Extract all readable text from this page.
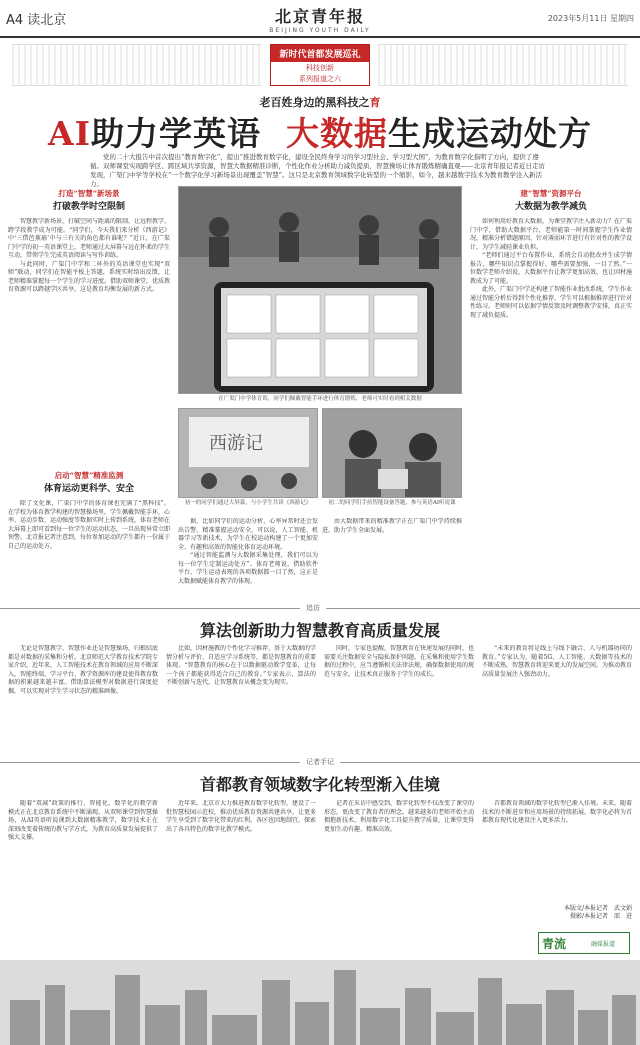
A4 读北京	北京青年报
BEIJING YOUTH DAILY
2023年5月11日 星期四
新时代首都发展巡礼
科技创新
系列报道之六
老百姓身边的黑科技之育
AI助力学英语 大数据生成运动处方
党的二十大报告中首次提出“教育数字化”，提出“推进教育数字化，建设全民终身学习的学习型社会、学习型大国”，为教育数字化指明了方向，提供了遵循。双师课堂实现跨学区、跨区域共享资源，智慧大数据精准诊断，个性化作业分析助力减负提质，智慧操场让体育锻炼精确直观——北京青年报记者近日走访发现，广渠门中学等学校在“一个数字化学习新场景出现覆盖”智慧”。这只是北京教育领域数字化转型的一个缩影，如今，越来越数字技术为教育教学注入新活力。
打造“智慧”新场景
打破教学时空限制

智慧教学新场景，打破空间与距离的限制，让远程教学、跨学段教学成为可能。“同学们，今天我们来分析《西游记》中‘三借芭蕉扇’中与三有关的角色都有谁呢？”近日，在广渠门中学的初一英语课堂上，老师通过大屏幕与远在怀柔的学生互动，带领学生完成英语阅读与写作训练。

与此同时，广渠门中学和二环外的英语课堂也实现“双师”联动，同学们在智能平板上答题，系统实时给出反馈，让老师精准掌握每一个学生的学习进度。借助双师课堂，优质教育资源可以跨越学区共享，这是教育均衡发展的新方式。

启动“智慧”精准监测
体育运动更科学、安全

除了文化课，广渠门中学的体育课也充满了“黑科技”。在学校为体育教学构建的智慧操场里，学生佩戴智能手环，心率、运动步数、运动强度等数据实时上传到系统，体育老师在大屏幕上即可看到每一位学生的运动状态，一旦出现异常立即预警。北青报记者注意到，每位参加运动的学生都有一份属于自己的运动处方。

在广渠门中学体育馆，同学们佩戴智能手环进行体育锻炼，老师可实时看到相关数据
西游记
初一的同学们通过大屏幕，与小学生共读《西游记》	初二的同学们手持智能设备答题，参与英语AI听说课

据，比如同学们的运动分析、心率异常时还会发出告警，精准掌握运动安全，可以说，人工智能、机器学习等新技术，为学生在校运动构建了一个更加安全、有趣和高效的智能化体育运动环境。

“通过智能监测与大数据采集处理，我们可以为每一位学生定制运动处方”。体育老师说，借助软件平台，学生运动表现的各项数据都一目了然，这正是大数据赋能体育教学的体现。

由大数据带来的精准教学正在广渠门中学持续推进，助力学生全面发展。

建“智慧”资源平台
大数据为教学减负

如何利用好教育大数据，为课堂教学注入新动力？在广渠门中学，借助大数据平台，老师能第一时间掌握学生作业情况，精准分析错题原因，针对薄弱环节进行有针对性的教学设计，为学生减轻课业负担。

“老师们通过平台布置作业，系统会自动批改并生成学情报告，哪些知识点掌握得好、哪些需要加强，一目了然。”一位数学老师介绍说，大数据平台让教学更加高效，也让因材施教成为了可能。

此外，广渠门中学还构建了智能作业批改系统，学生作业通过智能分析后得到个性化推荐，学生可以根据推荐进行针对性练习。老师则可以依据学情反馈及时调整教学安排，真正实现了减负提质。

追访
算法创新助力智慧教育高质量发展

无论是智慧教学、智慧作业还是智慧操场，归根结底都是对数据的采集和分析。北京师范大学教育技术学院专家介绍，近年来，人工智能技术在教育领域的应用不断深入，智能终端、学习平台、教学资源库的建设使得教育数据的积累越来越丰富。借助算法模型对数据进行深度挖掘，可以实现对学生学习状态的精准画像。

比如，因材施教的个性化学习推荐、基于大数据的学情分析与评价、自适应学习系统等，都是智慧教育的重要体现。“智慧教育的核心在于以数据驱动教学变革，让每一个孩子都能获得适合自己的教育。”专家表示，算法的不断创新与迭代，让智慧教育从概念变为现实。

同时，专家也提醒，智慧教育在快速发展的同时，也需要关注数据安全与隐私保护问题。在采集和使用学生数据的过程中，应当遵循相关法律法规，确保数据使用的规范与安全，让技术真正服务于学生的成长。

“未来的教育将是线上与线下融合、人与机器协同的教育。”专家认为，随着5G、人工智能、大数据等技术的不断成熟，智慧教育将迎来更大的发展空间，为推动教育高质量发展注入强劲动力。

记者手记
首都教育领域数字化转型渐入佳境

随着“双减”政策的推行，智能化、数字化的教学新模式正在北京教育系统中不断涌现。从双师课堂到智慧操场，从AI英语听说课到大数据精准教学，数字技术正在深刻改变着传统的教与学方式，为教育高质量发展提供了强大支撑。

近年来，北京市大力推进教育数字化转型，建设了一批智慧校园示范校，推动优质教育资源共建共享，让更多学生享受到了数字化带来的红利。各区也因地制宜，探索出了各具特色的数字化教学模式。

记者在采访中感受到，数字化转型不仅改变了课堂的形态，更改变了教育者的理念。越来越多的老师开始主动拥抱新技术，利用数字化工具提升教学质量，让课堂变得更加生动有趣、精准高效。

首都教育领域的数字化转型已渐入佳境。未来，随着技术的不断进步和应用场景的持续拓展，数字化必将为首都教育现代化建设注入更多活力。

本版文/本报记者　武文娟
摄影/本报记者　邵　进
青流	融媒报道
